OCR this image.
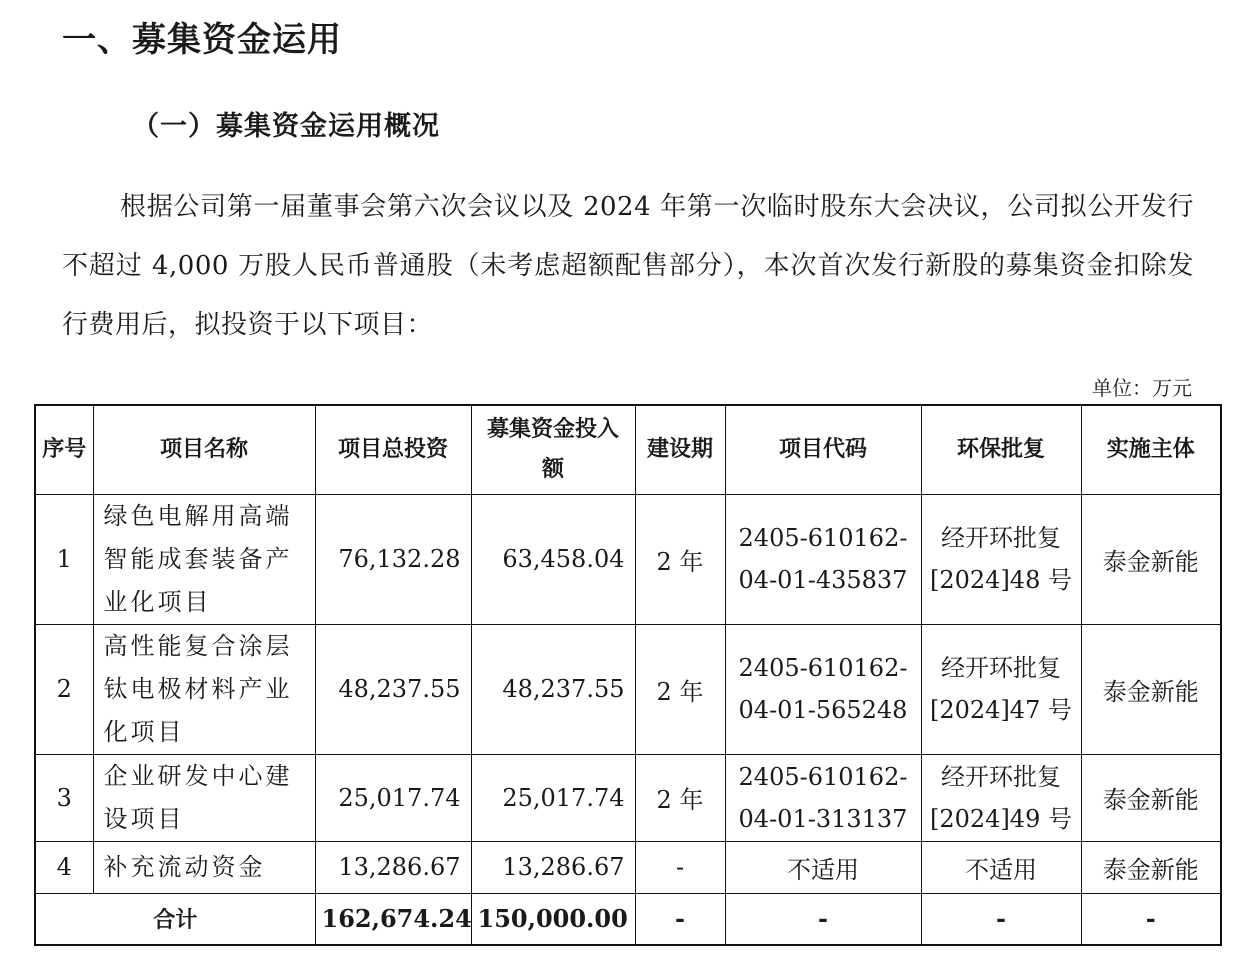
一、募集资金运用
（一）募集资金运用概况
根据公司第一届董事会第六次会议以及 2024 年第一次临时股东大会决议，公司拟公开发行不超过 4,000 万股人民币普通股（未考虑超额配售部分），本次首次发行新股的募集资金扣除发行费用后，拟投资于以下项目：
单位：万元
序号	项目名称	项目总投资	募集资金投入额	建设期	项目代码	环保批复	实施主体
1	绿色电解用高端智能成套装备产业化项目	76,132.28	63,458.04	2 年	2405-610162-04-01-435837	经开环批复[2024]48 号	泰金新能
2	高性能复合涂层钛电极材料产业化项目	48,237.55	48,237.55	2 年	2405-610162-04-01-565248	经开环批复[2024]47 号	泰金新能
3	企业研发中心建设项目	25,017.74	25,017.74	2 年	2405-610162-04-01-313137	经开环批复[2024]49 号	泰金新能
4	补充流动资金	13,286.67	13,286.67	-	不适用	不适用	泰金新能
合计		162,674.24	150,000.00	-	-	-	-
